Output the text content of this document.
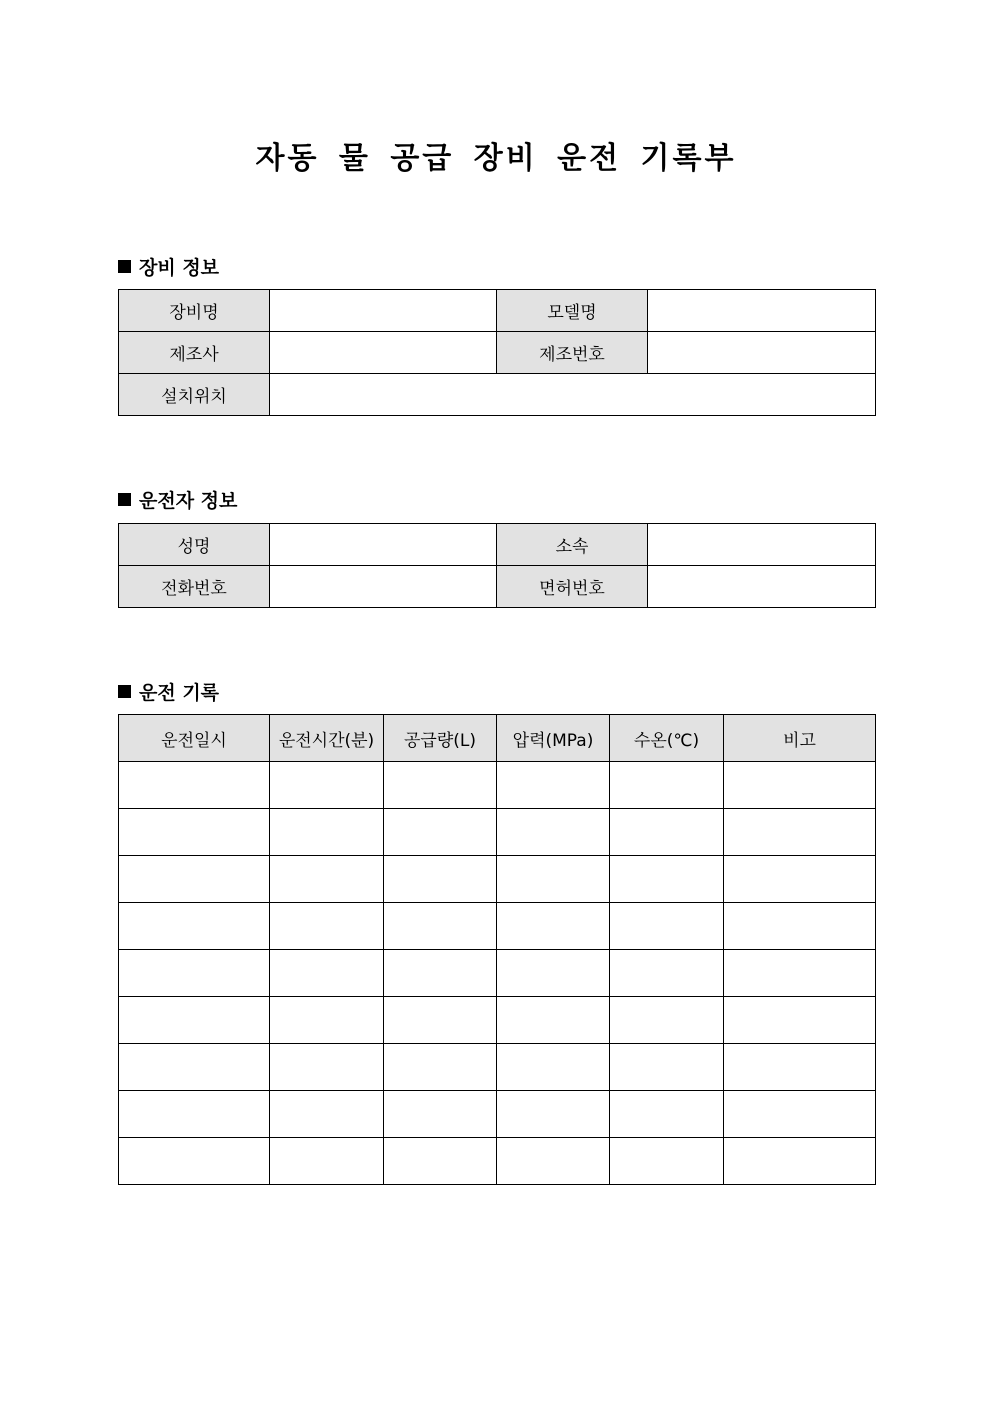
자동 물 공급 장비 운전 기록부
장비 정보
장비명		모델명	
제조사		제조번호	
설치위치			
운전자 정보
성명		소속	
전화번호		면허번호	
운전 기록
운전일시	운전시간(분)	공급량(L)	압력(MPa)	수온(℃)	비고
